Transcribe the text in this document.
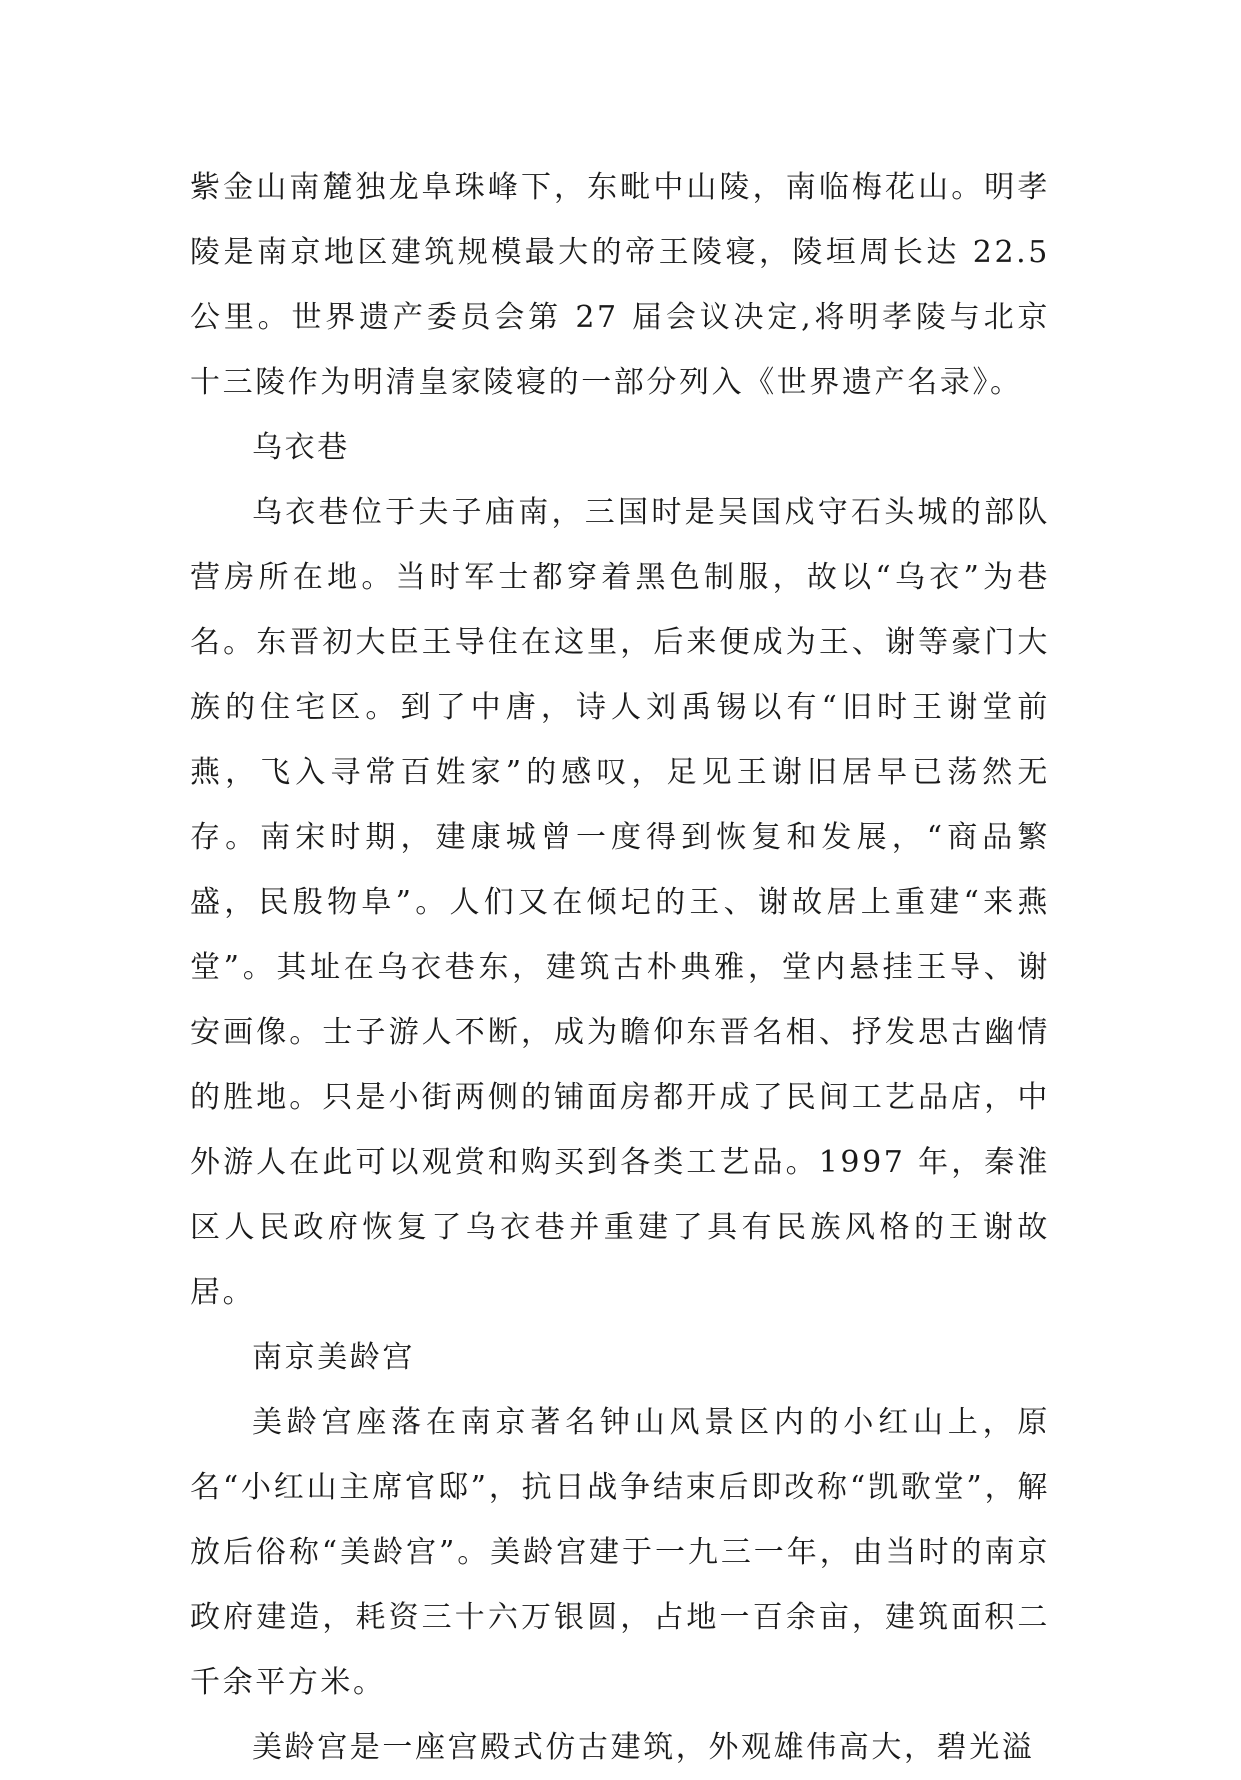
紫金山南麓独龙阜珠峰下，东毗中山陵，南临梅花山。明孝陵是南京地区建筑规模最大的帝王陵寝，陵垣周长达 22.5 公里。世界遗产委员会第 27 届会议决定,将明孝陵与北京十三陵作为明清皇家陵寝的一部分列入《世界遗产名录》。

乌衣巷

乌衣巷位于夫子庙南，三国时是吴国戍守石头城的部队营房所在地。当时军士都穿着黑色制服，故以“乌衣”为巷名。东晋初大臣王导住在这里，后来便成为王、谢等豪门大族的住宅区。到了中唐，诗人刘禹锡以有“旧时王谢堂前燕，飞入寻常百姓家”的感叹，足见王谢旧居早已荡然无存。南宋时期，建康城曾一度得到恢复和发展，“商品繁盛，民殷物阜”。人们又在倾圮的王、谢故居上重建“来燕堂”。其址在乌衣巷东，建筑古朴典雅，堂内悬挂王导、谢安画像。士子游人不断，成为瞻仰东晋名相、抒发思古幽情的胜地。只是小街两侧的铺面房都开成了民间工艺品店，中外游人在此可以观赏和购买到各类工艺品。1997 年，秦淮区人民政府恢复了乌衣巷并重建了具有民族风格的王谢故居。

南京美龄宫

美龄宫座落在南京著名钟山风景区内的小红山上，原名“小红山主席官邸”，抗日战争结束后即改称“凯歌堂”，解放后俗称“美龄宫”。美龄宫建于一九三一年，由当时的南京政府建造，耗资三十六万银圆，占地一百余亩，建筑面积二千余平方米。

美龄宫是一座宫殿式仿古建筑，外观雄伟高大，碧光溢
